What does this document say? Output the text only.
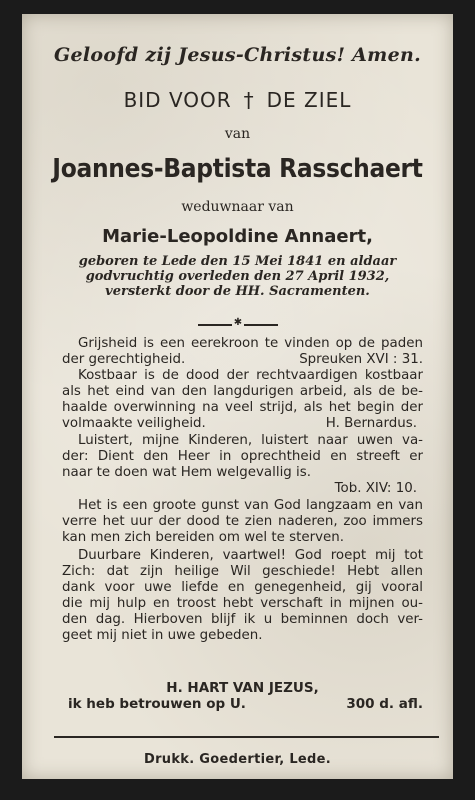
Geloofd zij Jesus-Christus! Amen.
BID VOOR † DE ZIEL
van
Joannes-Baptista Rasschaert
weduwnaar van
Marie-Leopoldine Annaert,
geboren te Lede den 15 Mei 1841 en aldaar
godvruchtig overleden den 27 April 1932,
versterkt door de HH. Sacramenten.
✱
Grijsheid is een eerekroon te vinden op de paden
der gerechtigheid.	Spreuken XVI : 31.
Kostbaar is de dood der rechtvaardigen kostbaar
als het eind van den langdurigen arbeid, als de be-
haalde overwinning na veel strijd, als het begin der
volmaakte veiligheid.	H. Bernardus.
Luistert, mijne Kinderen, luistert naar uwen va-
der: Dient den Heer in oprechtheid en streeft er
naar te doen wat Hem welgevallig is.
Tob. XIV: 10.
Het is een groote gunst van God langzaam en van
verre het uur der dood te zien naderen, zoo immers
kan men zich bereiden om wel te sterven.
Duurbare Kinderen, vaartwel! God roept mij tot
Zich: dat zijn heilige Wil geschiede! Hebt allen
dank voor uwe liefde en genegenheid, gij vooral
die mij hulp en troost hebt verschaft in mijnen ou-
den dag. Hierboven blijf ik u beminnen doch ver-
geet mij niet in uwe gebeden.
H. HART VAN JEZUS,
ik heb betrouwen op U.	300 d. afl.
Drukk. Goedertier, Lede.
